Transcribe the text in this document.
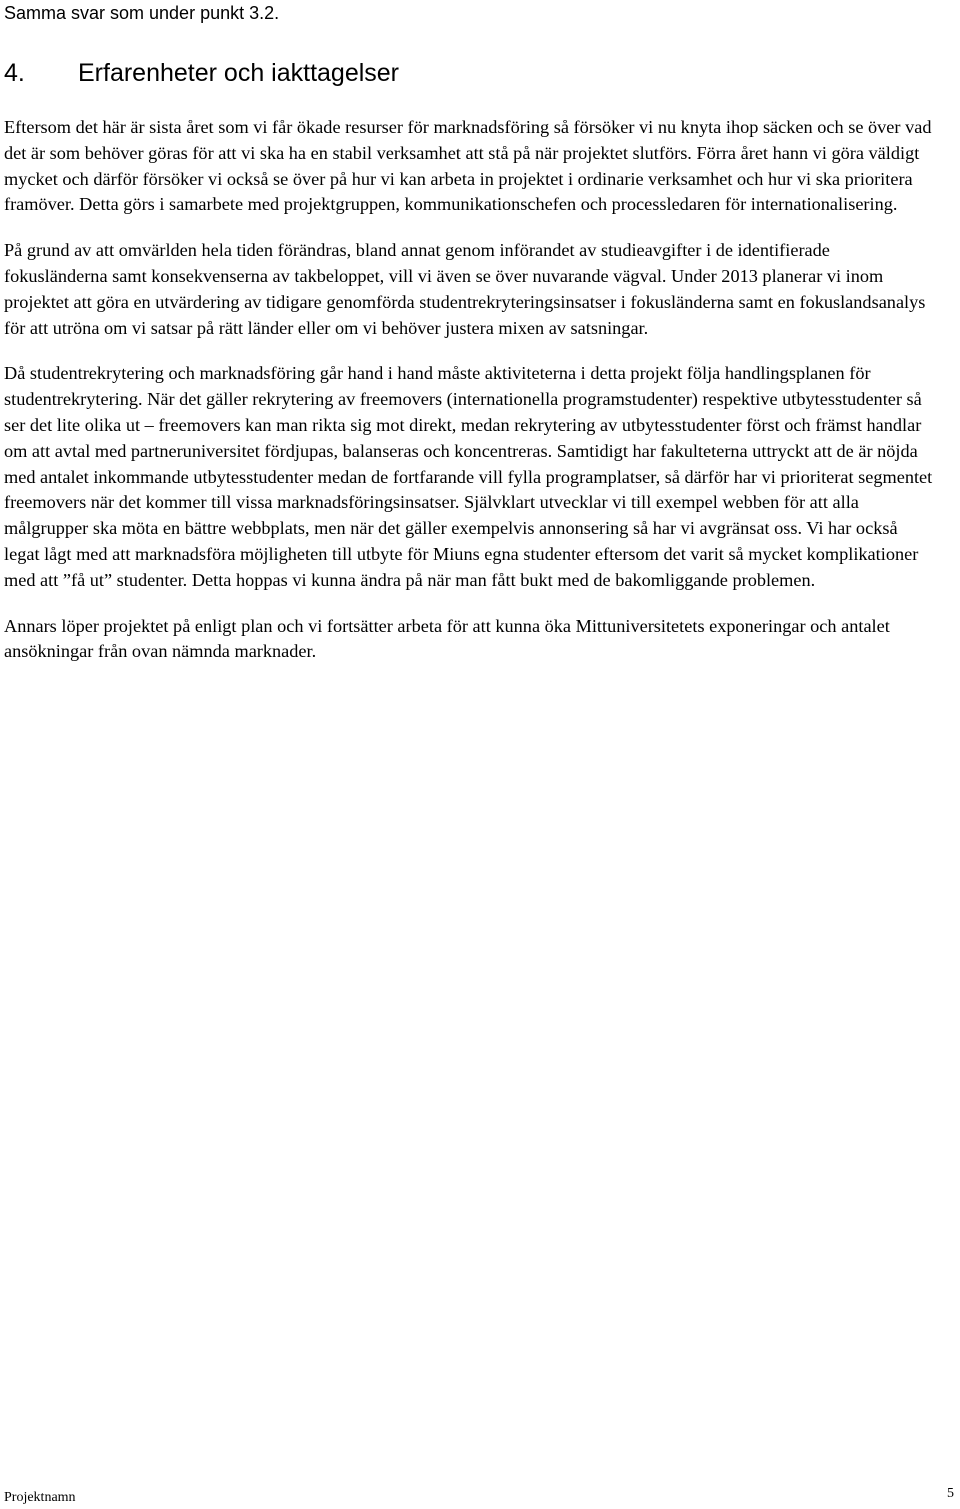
Samma svar som under punkt 3.2.
4. Erfarenheter och iakttagelser

Eftersom det här är sista året som vi får ökade resurser för marknadsföring så försöker vi nu knyta ihop säcken och se över vad det är som behöver göras för att vi ska ha en stabil verksamhet att stå på när projektet slutförs. Förra året hann vi göra väldigt mycket och därför försöker vi också se över på hur vi kan arbeta in projektet i ordinarie verksamhet och hur vi ska prioritera framöver. Detta görs i samarbete med projektgruppen, kommunikationschefen och processledaren för internationalisering.

På grund av att omvärlden hela tiden förändras, bland annat genom införandet av studieavgifter i de identifierade fokusländerna samt konsekvenserna av takbeloppet, vill vi även se över nuvarande vägval. Under 2013 planerar vi inom projektet att göra en utvärdering av tidigare genomförda studentrekryteringsinsatser i fokusländerna samt en fokuslandsanalys för att utröna om vi satsar på rätt länder eller om vi behöver justera mixen av satsningar.

Då studentrekrytering och marknadsföring går hand i hand måste aktiviteterna i detta projekt följa handlingsplanen för studentrekrytering. När det gäller rekrytering av freemovers (internationella programstudenter) respektive utbytesstudenter så ser det lite olika ut – freemovers kan man rikta sig mot direkt, medan rekrytering av utbytesstudenter först och främst handlar om att avtal med partneruniversitet fördjupas, balanseras och koncentreras. Samtidigt har fakulteterna uttryckt att de är nöjda med antalet inkommande utbytesstudenter medan de fortfarande vill fylla programplatser, så därför har vi prioriterat segmentet freemovers när det kommer till vissa marknadsföringsinsatser. Självklart utvecklar vi till exempel webben för att alla målgrupper ska möta en bättre webbplats, men när det gäller exempelvis annonsering så har vi avgränsat oss. Vi har också legat lågt med att marknadsföra möjligheten till utbyte för Miuns egna studenter eftersom det varit så mycket komplikationer med att ”få ut” studenter. Detta hoppas vi kunna ändra på när man fått bukt med de bakomliggande problemen.

Annars löper projektet på enligt plan och vi fortsätter arbeta för att kunna öka Mittuniversitetets exponeringar och antalet ansökningar från ovan nämnda marknader.

Projektnamn	5
